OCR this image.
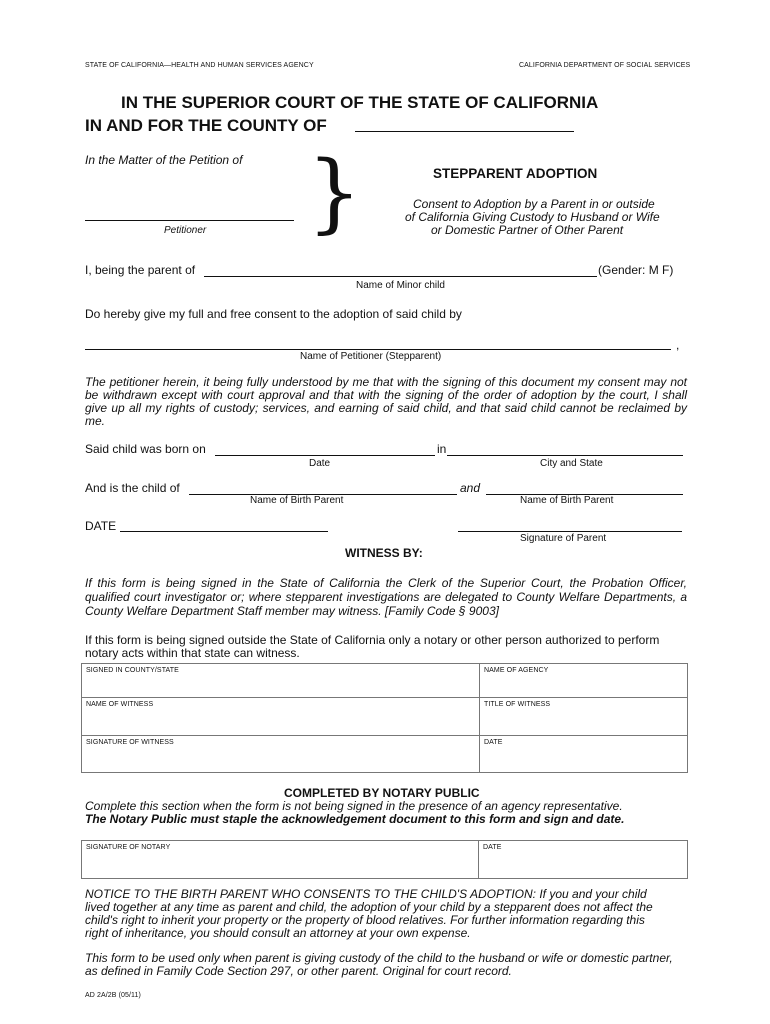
STATE OF CALIFORNIA—HEALTH AND HUMAN SERVICES AGENCY	CALIFORNIA DEPARTMENT OF SOCIAL SERVICES
IN THE SUPERIOR COURT OF THE STATE OF CALIFORNIA
IN AND FOR THE COUNTY OF
In the Matter of the Petition of
Petitioner }	STEPPARENT ADOPTION
Consent to Adoption by a Parent in or outside
of California Giving Custody to Husband or Wife
or Domestic Partner of Other Parent
I, being the parent of	(Gender: M F)
Name of Minor child
Do hereby give my full and free consent to the adoption of said child by
,
Name of Petitioner (Stepparent)
The petitioner herein, it being fully understood by me that with the signing of this document my consent may not be withdrawn except with court approval and that with the signing of the order of adoption by the court, I shall give up all my rights of custody; services, and earning of said child, and that said child cannot be reclaimed by me.
Said child was born on	in
Date	City and State
And is the child of	and
Name of Birth Parent	Name of Birth Parent
DATE
Signature of Parent
WITNESS BY:
If this form is being signed in the State of California the Clerk of the Superior Court, the Probation Officer, qualified court investigator or; where stepparent investigations are delegated to County Welfare Departments, a County Welfare Department Staff member may witness. [Family Code § 9003]
If this form is being signed outside the State of California only a notary or other person authorized to perform notary acts within that state can witness.
SIGNED IN COUNTY/STATE	NAME OF AGENCY
NAME OF WITNESS	TITLE OF WITNESS
SIGNATURE OF WITNESS	DATE
COMPLETED BY NOTARY PUBLIC
Complete this section when the form is not being signed in the presence of an agency representative.
The Notary Public must staple the acknowledgement document to this form and sign and date.
SIGNATURE OF NOTARY	DATE
NOTICE TO THE BIRTH PARENT WHO CONSENTS TO THE CHILD'S ADOPTION: If you and your child lived together at any time as parent and child, the adoption of your child by a stepparent does not affect the child's right to inherit your property or the property of blood relatives. For further information regarding this right of inheritance, you should consult an attorney at your own expense.
This form to be used only when parent is giving custody of the child to the husband or wife or domestic partner, as defined in Family Code Section 297, or other parent. Original for court record.
AD 2A/2B (05/11)
